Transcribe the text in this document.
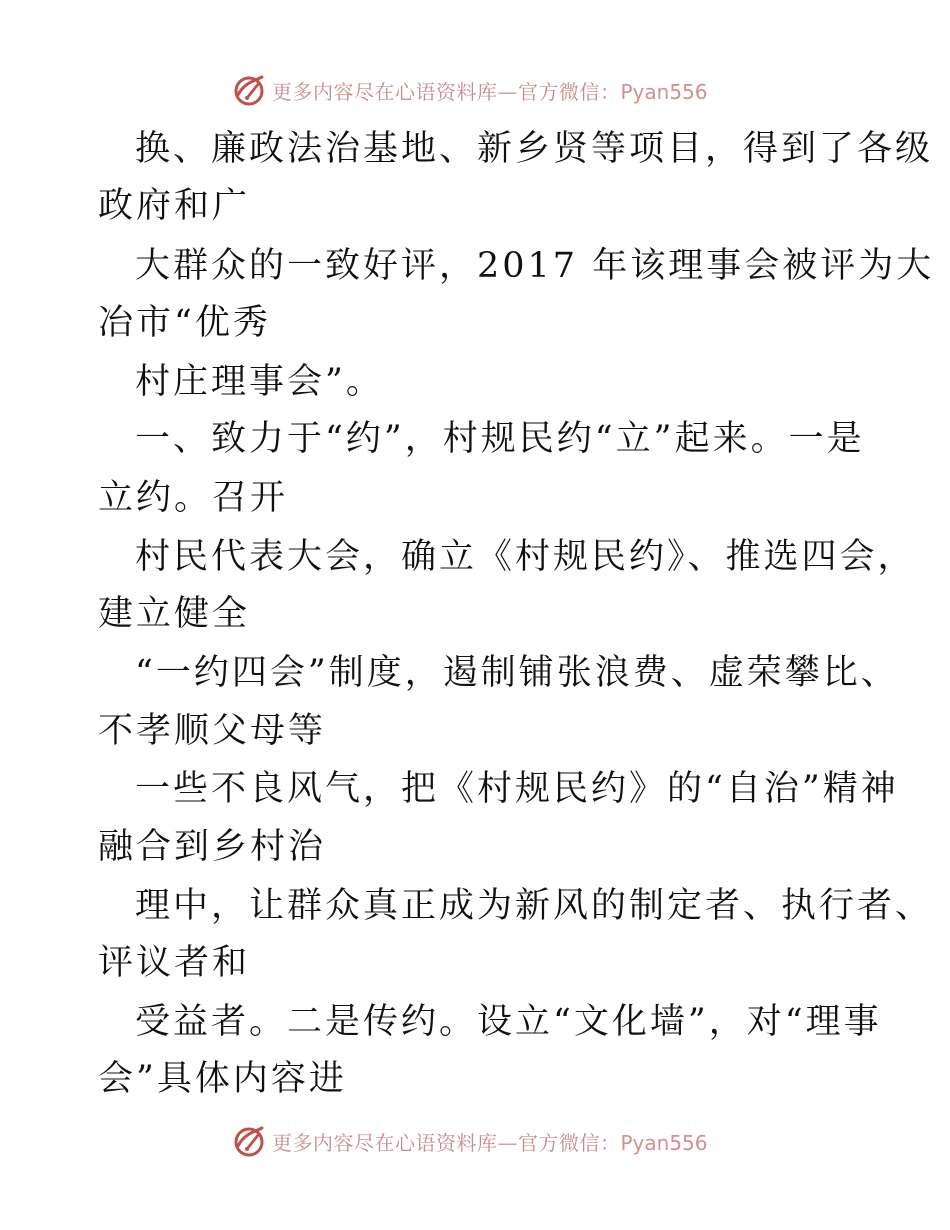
更多内容尽在心语资料库—官方微信：Pyan556
换、廉政法治基地、新乡贤等项目，得到了各级
政府和广
大群众的一致好评，2017 年该理事会被评为大
冶市“优秀
村庄理事会”。
一、致力于“约”，村规民约“立”起来。一是
立约。召开
村民代表大会，确立《村规民约》、推选四会，
建立健全
“一约四会”制度，遏制铺张浪费、虚荣攀比、
不孝顺父母等
一些不良风气，把《村规民约》的“自治”精神
融合到乡村治
理中，让群众真正成为新风的制定者、执行者、
评议者和
受益者。二是传约。设立“文化墙”，对“理事
会”具体内容进
更多内容尽在心语资料库—官方微信：Pyan556
